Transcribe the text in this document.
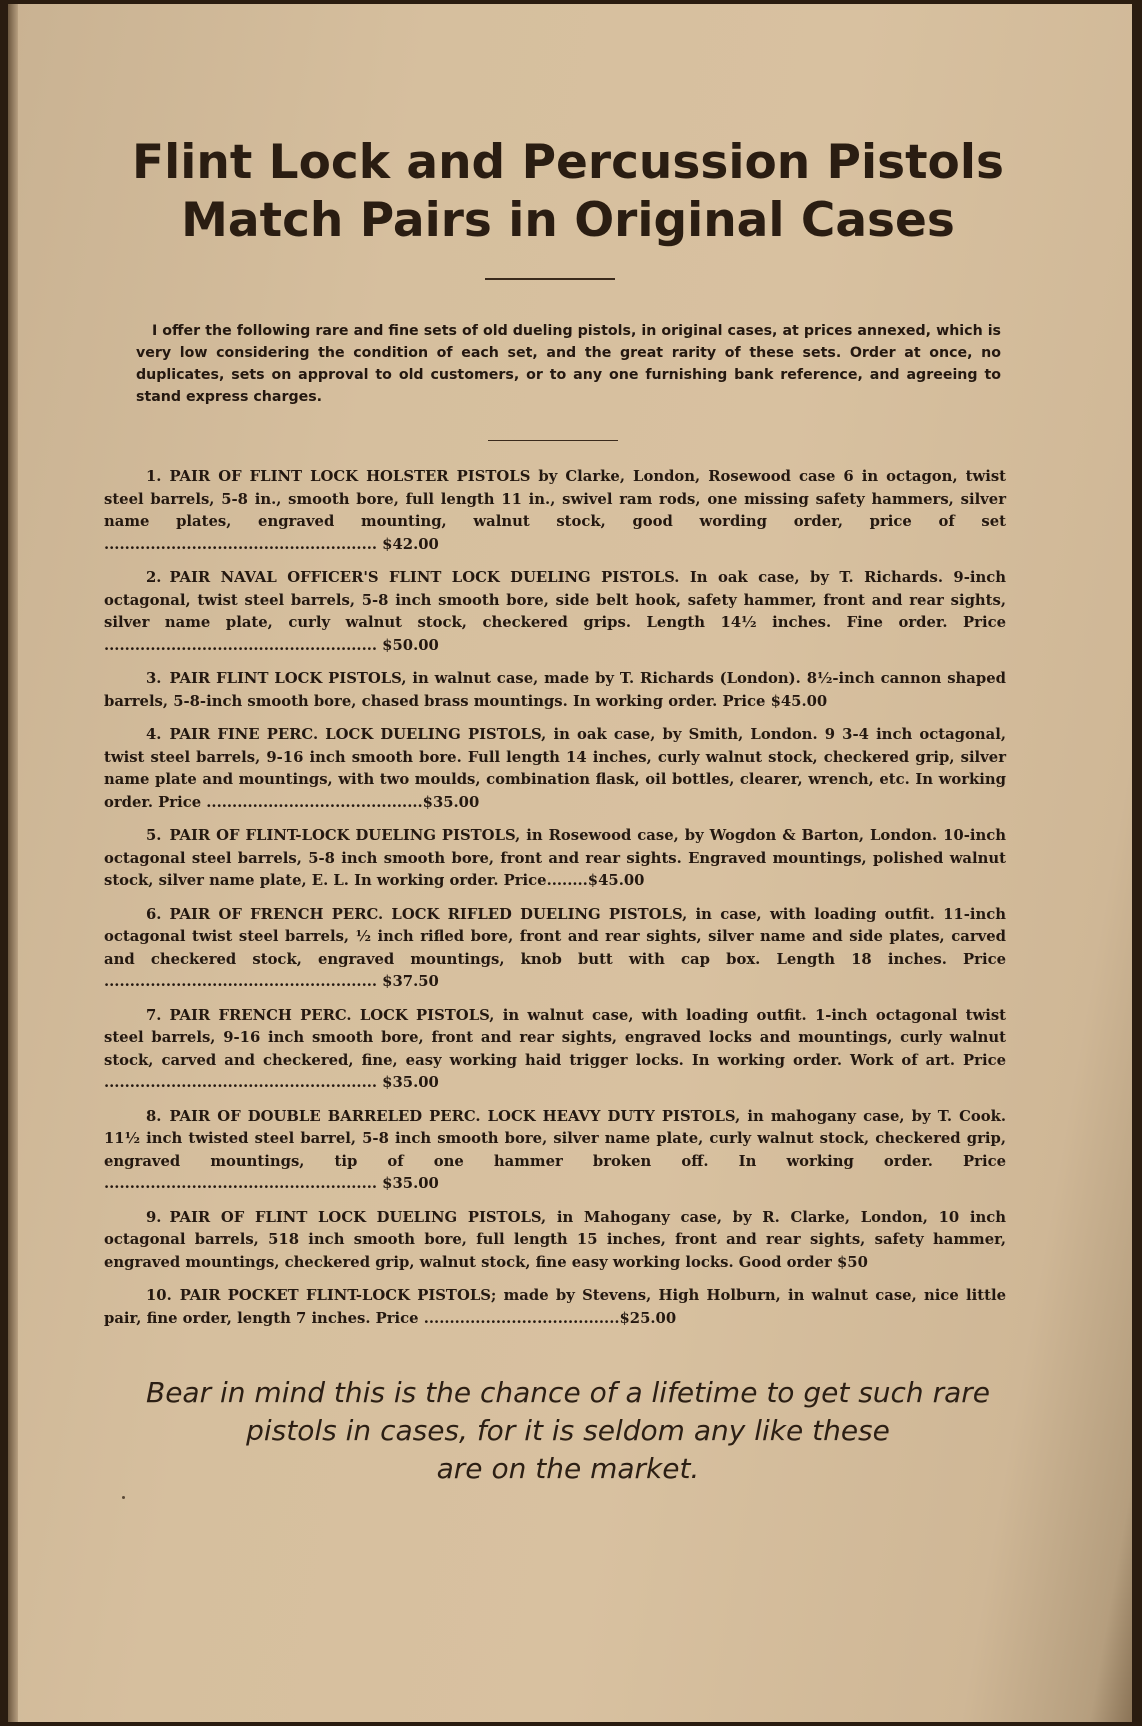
Flint Lock and Percussion Pistols
Match Pairs in Original Cases

I offer the following rare and fine sets of old dueling pistols, in original cases, at prices annexed, which is very low considering the condition of each set, and the great rarity of these sets. Order at once, no duplicates, sets on approval to old customers, or to any one furnishing bank reference, and agreeing to stand express charges.

1. PAIR OF FLINT LOCK HOLSTER PISTOLS by Clarke, London, Rosewood case 6 in octagon, twist steel barrels, 5-8 in., smooth bore, full length 11 in., swivel ram rods, one missing safety hammers, silver name plates, engraved mounting, walnut stock, good wording order, price of set ..................................................... $42.00

2. PAIR NAVAL OFFICER'S FLINT LOCK DUELING PISTOLS. In oak case, by T. Richards. 9-inch octagonal, twist steel barrels, 5-8 inch smooth bore, side belt hook, safety hammer, front and rear sights, silver name plate, curly walnut stock, checkered grips. Length 14½ inches. Fine order. Price ..................................................... $50.00

3. PAIR FLINT LOCK PISTOLS, in walnut case, made by T. Richards (London). 8½-inch cannon shaped barrels, 5-8-inch smooth bore, chased brass mountings. In working order. Price $45.00

4. PAIR FINE PERC. LOCK DUELING PISTOLS, in oak case, by Smith, London. 9 3-4 inch octagonal, twist steel barrels, 9-16 inch smooth bore. Full length 14 inches, curly walnut stock, checkered grip, silver name plate and mountings, with two moulds, combination flask, oil bottles, clearer, wrench, etc. In working order. Price ..........................................$35.00

5. PAIR OF FLINT-LOCK DUELING PISTOLS, in Rosewood case, by Wogdon & Barton, London. 10-inch octagonal steel barrels, 5-8 inch smooth bore, front and rear sights. Engraved mountings, polished walnut stock, silver name plate, E. L. In working order. Price........$45.00

6. PAIR OF FRENCH PERC. LOCK RIFLED DUELING PISTOLS, in case, with loading outfit. 11-inch octagonal twist steel barrels, ½ inch rifled bore, front and rear sights, silver name and side plates, carved and checkered stock, engraved mountings, knob butt with cap box. Length 18 inches. Price ..................................................... $37.50

7. PAIR FRENCH PERC. LOCK PISTOLS, in walnut case, with loading outfit. 1-inch octagonal twist steel barrels, 9-16 inch smooth bore, front and rear sights, engraved locks and mountings, curly walnut stock, carved and checkered, fine, easy working haid trigger locks. In working order. Work of art. Price ..................................................... $35.00

8. PAIR OF DOUBLE BARRELED PERC. LOCK HEAVY DUTY PISTOLS, in mahogany case, by T. Cook. 11½ inch twisted steel barrel, 5-8 inch smooth bore, silver name plate, curly walnut stock, checkered grip, engraved mountings, tip of one hammer broken off. In working order. Price ..................................................... $35.00

9. PAIR OF FLINT LOCK DUELING PISTOLS, in Mahogany case, by R. Clarke, London, 10 inch octagonal barrels, 518 inch smooth bore, full length 15 inches, front and rear sights, safety hammer, engraved mountings, checkered grip, walnut stock, fine easy working locks. Good order $50

10. PAIR POCKET FLINT-LOCK PISTOLS; made by Stevens, High Holburn, in walnut case, nice little pair, fine order, length 7 inches. Price ......................................$25.00

Bear in mind this is the chance of a lifetime to get such rare
pistols in cases, for it is seldom any like these
are on the market.
